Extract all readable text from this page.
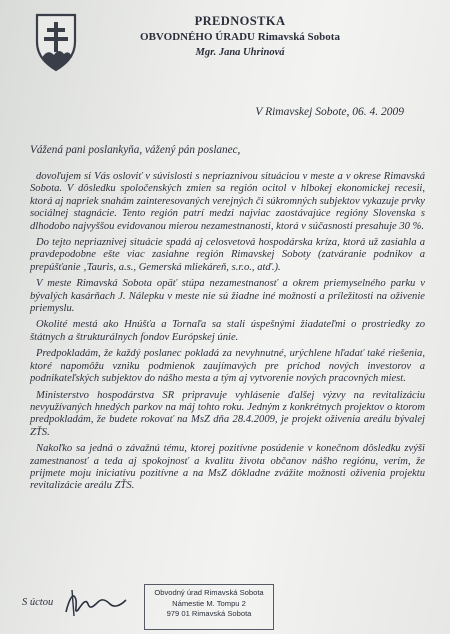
PREDNOSTKA
OBVODNÉHO ÚRADU Rimavská Sobota
Mgr. Jana Uhrinová
V Rimavskej Sobote, 06. 4. 2009
Vážená pani poslankyňa, vážený pán poslanec,

dovoľujem si Vás osloviť v súvislosti s nepriaznivou situáciou v meste a v okrese Rimavská Sobota. V dôsledku spoločenských zmien sa región ocitol v hlbokej ekonomickej recesii, ktorá aj napriek snahám zainteresovaných verejných či súkromných subjektov vykazuje prvky sociálnej stagnácie. Tento región patrí medzi najviac zaostávajúce regióny Slovenska s dlhodobo najvyššou evidovanou mierou nezamestnanosti, ktorá v súčasnosti presahuje 30 %.

Do tejto nepriaznivej situácie spadá aj celosvetová hospodárska kríza, ktorá už zasiahla a pravdepodobne ešte viac zasiahne región Rimavskej Soboty (zatváranie podnikov a prepúšťanie ‚Tauris, a.s., Gemerská mliekáreň, s.r.o., atď.).

V meste Rimavská Sobota opäť stúpa nezamestnanosť a okrem priemyselného parku v bývalých kasárňach J. Nálepku v meste nie sú žiadne iné možnosti a príležitosti na oživenie priemyslu.

Okolité mestá ako Hnúšťa a Tornaľa sa stali úspešnými žiadateľmi o prostriedky zo štátnych a štrukturálnych fondov Európskej únie.

Predpokladám, že každý poslanec pokladá za nevyhnutné, urýchlene hľadať také riešenia, ktoré napomôžu vzniku podmienok zaujímavých pre príchod nových investorov a podnikateľských subjektov do nášho mesta a tým aj vytvorenie nových pracovných miest.

Ministerstvo hospodárstva SR pripravuje vyhlásenie ďalšej výzvy na revitalizáciu nevyužívaných hnedých parkov na máj tohto roku. Jedným z konkrétnych projektov o ktorom predpokladám, že budete rokovať na MsZ dňa 28.4.2009, je projekt oživenia areálu bývalej ZŤS.

Nakoľko sa jedná o závažnú tému, ktorej pozitívne posúdenie v konečnom dôsledku zvýši zamestnanosť a teda aj spokojnosť a kvalitu života občanov nášho regiónu, verím, že prijmete moju iniciatívu pozitívne a na MsZ dôkladne zvážite možnosti oživenia projektu revitalizácie areálu ZŤS.

S úctou
Obvodný úrad Rimavská Sobota
Námestie M. Tompu 2
979 01 Rimavská Sobota
